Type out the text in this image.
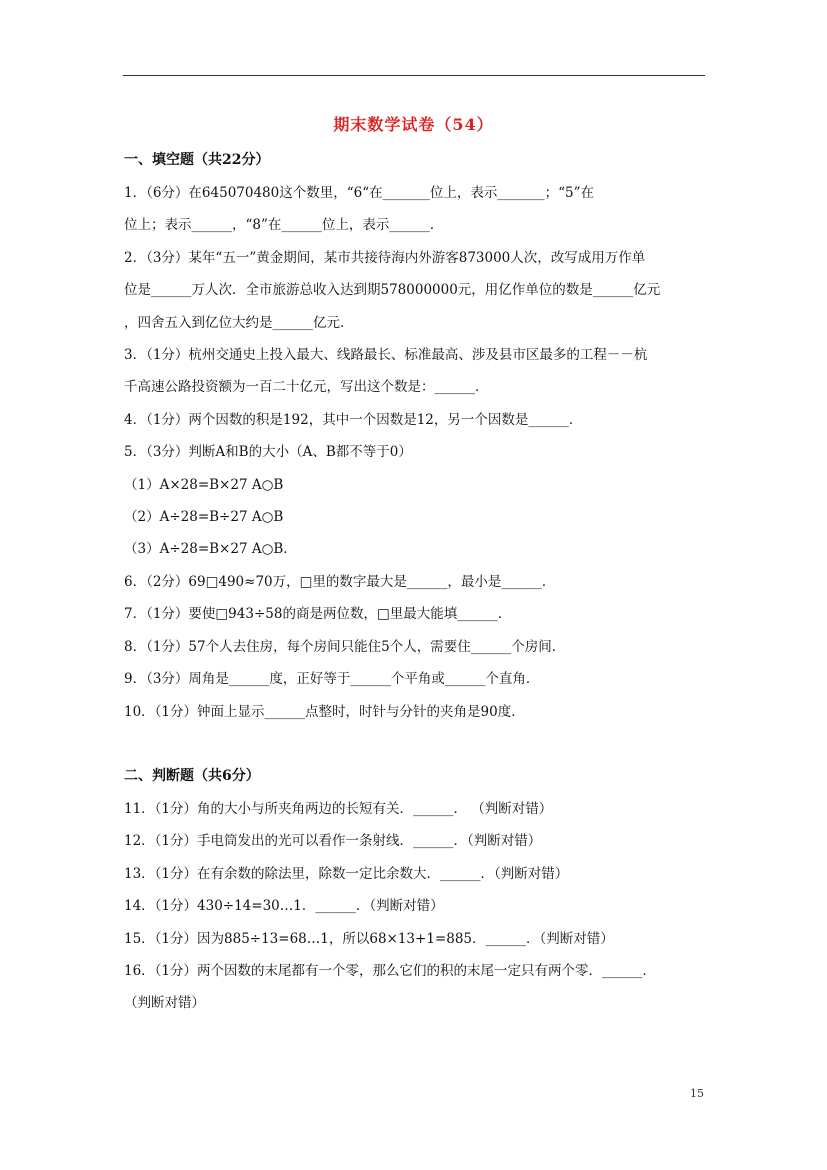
期末数学试卷（54）
一、填空题（共22分）
1．（6分）在645070480这个数里，“6“在_______位上，表示_______；“5”在
位上；表示______，“8”在______位上，表示______．
2．（3分）某年“五一”黄金期间，某市共接待海内外游客873000人次，改写成用万作单
位是______万人次．全市旅游总收入达到期578000000元，用亿作单位的数是______亿元
，四舍五入到亿位大约是______亿元．
3．（1分）杭州交通史上投入最大、线路最长、标准最高、涉及县市区最多的工程－－杭
千高速公路投资额为一百二十亿元，写出这个数是：______．
4．（1分）两个因数的积是192，其中一个因数是12，另一个因数是______．
5．（3分）判断A和B的大小（A、B都不等于0）
（1）A×28=B×27 A○B
（2）A÷28=B÷27 A○B
（3）A÷28=B×27 A○B．
6．（2分）69□490≈70万，□里的数字最大是______，最小是______．
7．（1分）要使□943÷58的商是两位数，□里最大能填______．
8．（1分）57个人去住房，每个房间只能住5个人，需要住______个房间．
9．（3分）周角是______度，正好等于______个平角或______个直角．
10．（1分）钟面上显示______点整时，时针与分针的夹角是90度．
二、判断题（共6分）
11．（1分）角的大小与所夹角两边的长短有关．______． （判断对错）
12．（1分）手电筒发出的光可以看作一条射线．______．（判断对错）
13．（1分）在有余数的除法里，除数一定比余数大．______．（判断对错）
14．（1分）430÷14=30…1．______．（判断对错）
15．（1分）因为885÷13=68…1，所以68×13+1=885．______．（判断对错）
16．（1分）两个因数的末尾都有一个零，那么它们的积的末尾一定只有两个零．______．
（判断对错）
15
